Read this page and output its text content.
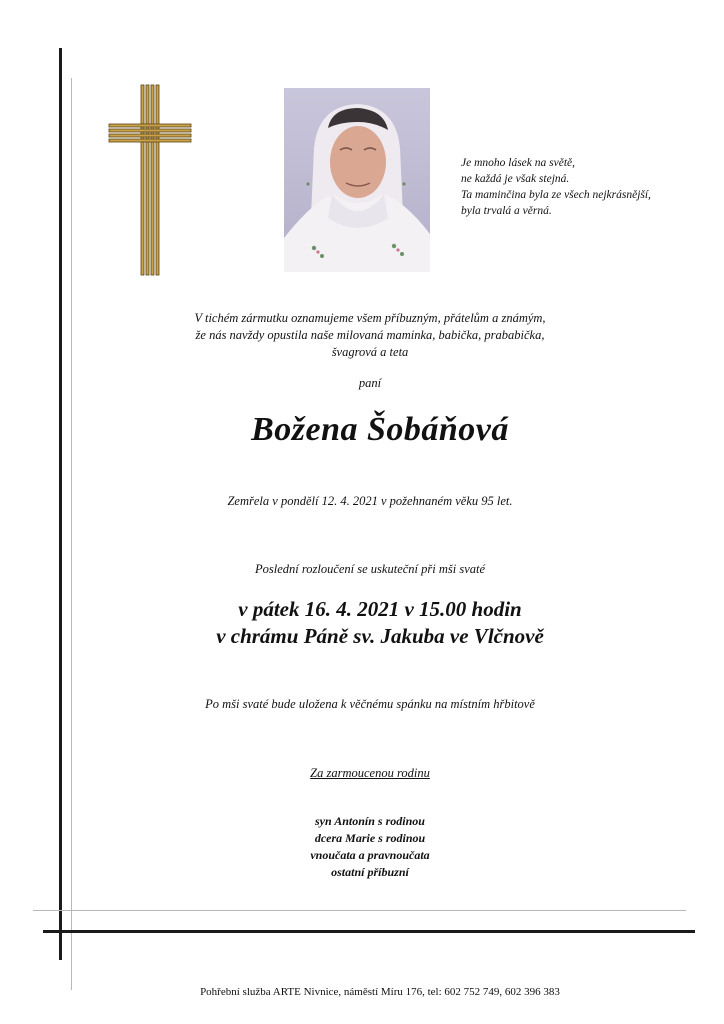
Je mnoho lásek na světě,
ne každá je však stejná.
Ta maminčina byla ze všech nejkrásnější,
byla trvalá a věrná.
V tichém zármutku oznamujeme všem příbuzným, přátelům a známým,
že nás navždy opustila naše milovaná maminka, babička, prababička,
švagrová a teta
paní
Božena Šobáňová
Zemřela v pondělí 12. 4. 2021 v požehnaném věku 95 let.
Poslední rozloučení se uskuteční při mši svaté
v pátek 16. 4. 2021 v 15.00 hodin
v chrámu Páně sv. Jakuba ve Vlčnově
Po mši svaté bude uložena k věčnému spánku na místním hřbitově
Za zarmoucenou rodinu
syn Antonín s rodinou
dcera Marie s rodinou
vnoučata a pravnoučata
ostatní příbuzní
Pohřební služba ARTE Nivnice, náměstí Míru 176, tel: 602 752 749, 602 396 383
